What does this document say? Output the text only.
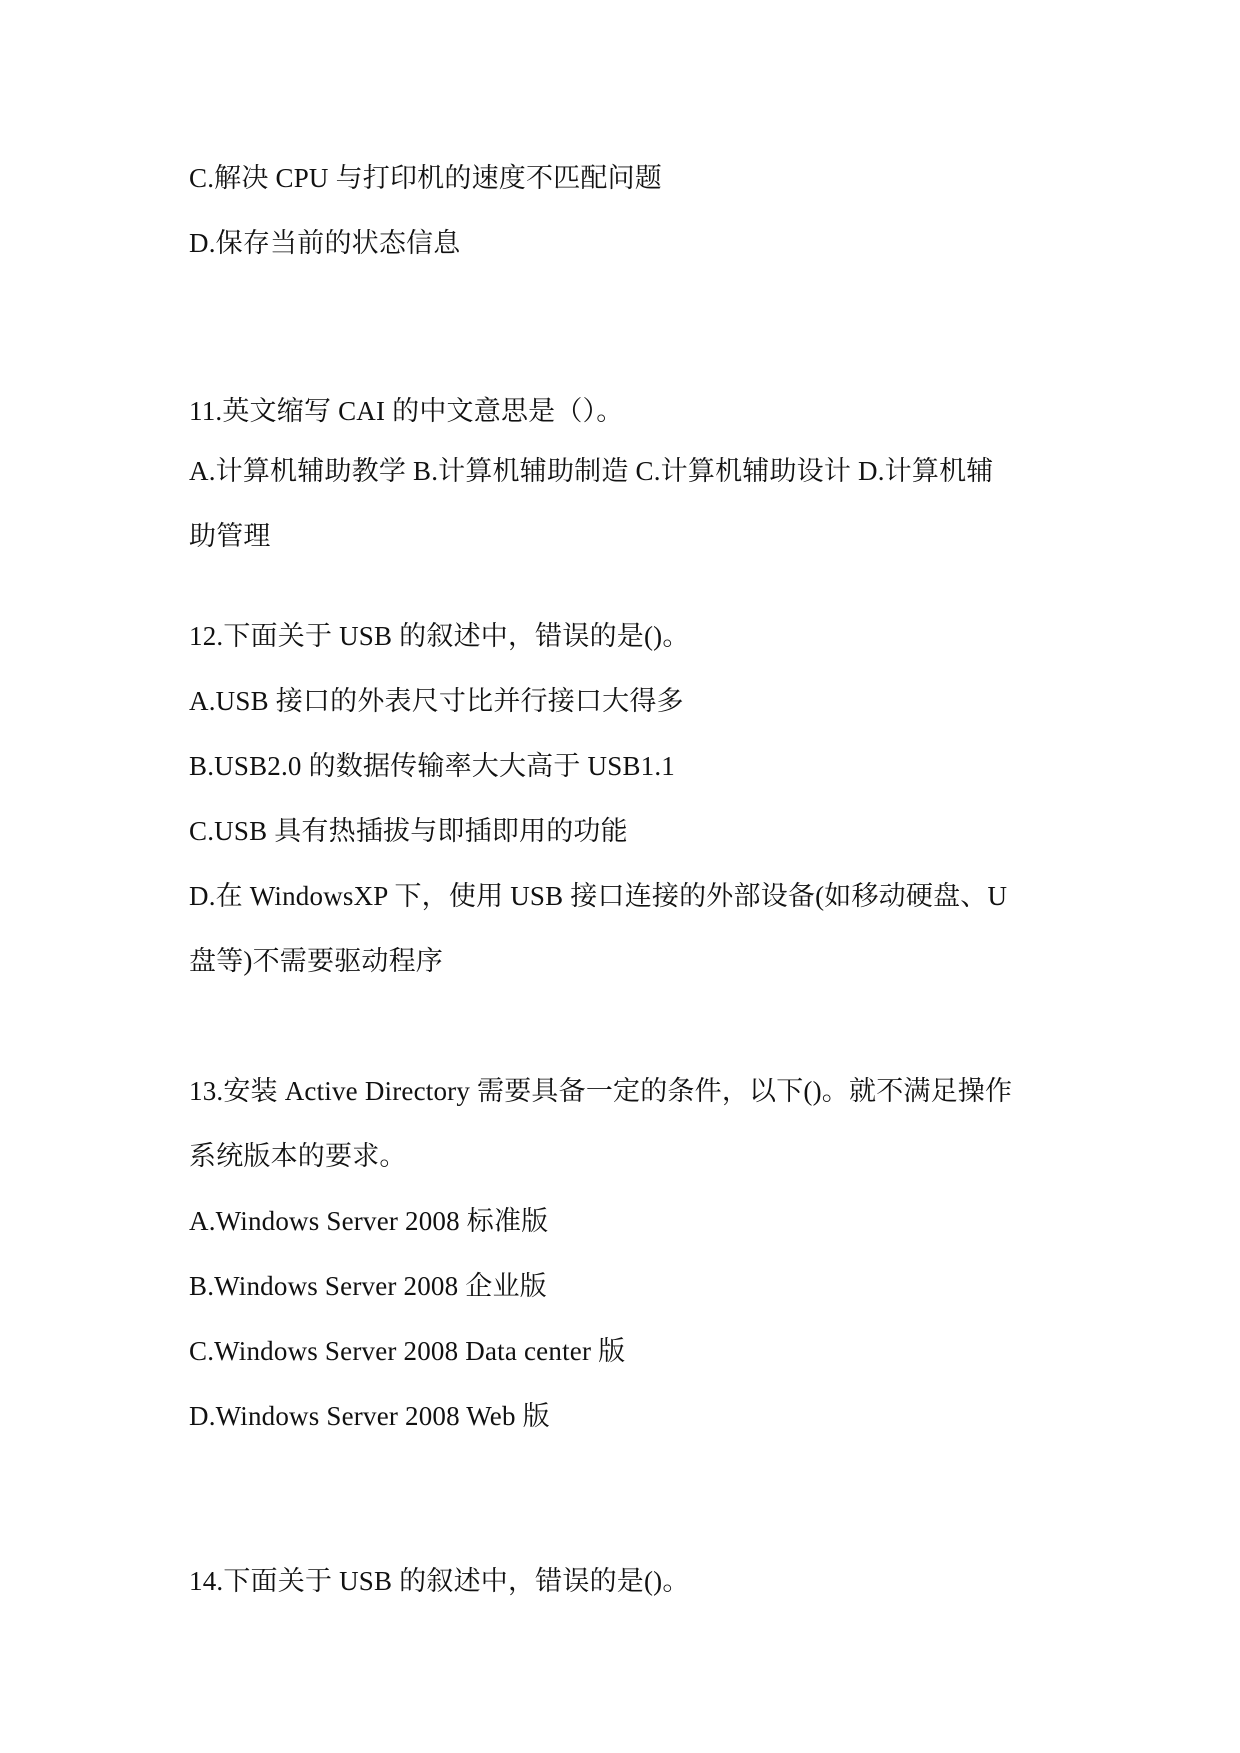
C.解决 CPU 与打印机的速度不匹配问题
D.保存当前的状态信息
11.英文缩写 CAI 的中文意思是（）。
A.计算机辅助教学 B.计算机辅助制造 C.计算机辅助设计 D.计算机辅
助管理
12.下面关于 USB 的叙述中，错误的是()。
A.USB 接口的外表尺寸比并行接口大得多
B.USB2.0 的数据传输率大大高于 USB1.1
C.USB 具有热插拔与即插即用的功能
D.在 WindowsXP 下，使用 USB 接口连接的外部设备(如移动硬盘、U
盘等)不需要驱动程序
13.安装 Active Directory 需要具备一定的条件，以下()。就不满足操作
系统版本的要求。
A.Windows Server 2008 标准版
B.Windows Server 2008 企业版
C.Windows Server 2008 Data center 版
D.Windows Server 2008 Web 版
14.下面关于 USB 的叙述中，错误的是()。
